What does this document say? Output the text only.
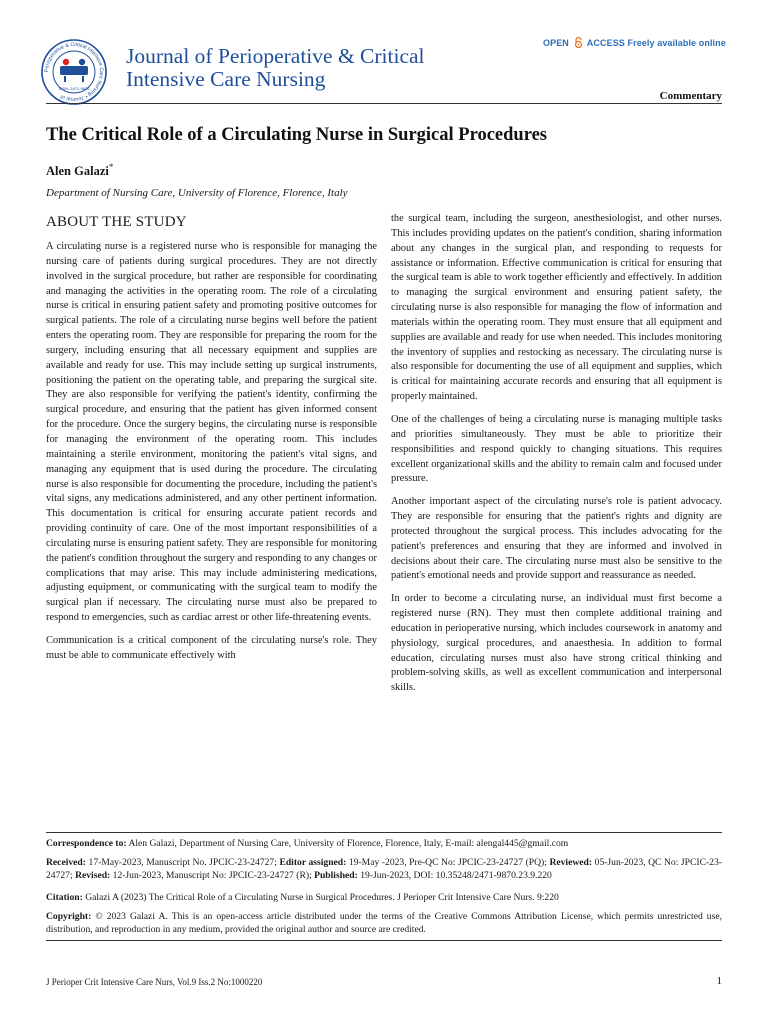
Perioperative & Critical Intensive Care Nursing • Journal of
ISSN: 2471-9870
Journal of Perioperative & Critical
Intensive Care Nursing
OPEN ACCESS Freely available online
Commentary
The Critical Role of a Circulating Nurse in Surgical Procedures
Alen Galazi*
Department of Nursing Care, University of Florence, Florence, Italy
ABOUT THE STUDY

A circulating nurse is a registered nurse who is responsible for managing the nursing care of patients during surgical procedures. They are not directly involved in the surgical procedure, but rather are responsible for coordinating and managing the activities in the operating room. The role of a circulating nurse is critical in ensuring patient safety and promoting positive outcomes for surgical patients. The role of a circulating nurse begins well before the patient enters the operating room. They are responsible for preparing the room for the surgery, including ensuring that all necessary equipment and supplies are available and ready for use. This may include setting up surgical instruments, positioning the patient on the operating table, and preparing the surgical site. They are also responsible for verifying the patient's identity, confirming the surgical procedure, and ensuring that the patient has given informed consent for the procedure. Once the surgery begins, the circulating nurse is responsible for managing the environment of the operating room. This includes maintaining a sterile environment, monitoring the patient's vital signs, and managing any equipment that is used during the procedure. The circulating nurse is also responsible for documenting the procedure, including the patient's vital signs, any medications administered, and any other pertinent information. This documentation is critical for ensuring accurate patient records and providing continuity of care. One of the most important responsibilities of a circulating nurse is ensuring patient safety. They are responsible for monitoring the patient's condition throughout the surgery and responding to any changes or complications that may arise. This may include administering medications, adjusting equipment, or communicating with the surgical team to modify the surgical plan if necessary. The circulating nurse must also be prepared to respond to emergencies, such as cardiac arrest or other life-threatening events.

Communication is a critical component of the circulating nurse's role. They must be able to communicate effectively with

the surgical team, including the surgeon, anesthesiologist, and other nurses. This includes providing updates on the patient's condition, sharing information about any changes in the surgical plan, and responding to requests for assistance or information. Effective communication is critical for ensuring that the surgical team is able to work together efficiently and effectively. In addition to managing the surgical environment and ensuring patient safety, the circulating nurse is also responsible for managing the flow of information and materials within the operating room. They must ensure that all equipment and supplies are available and ready for use when needed. This includes monitoring the inventory of supplies and restocking as necessary. The circulating nurse is also responsible for documenting the use of all equipment and supplies, which is critical for maintaining accurate records and ensuring that all equipment is properly maintained.

One of the challenges of being a circulating nurse is managing multiple tasks and priorities simultaneously. They must be able to prioritize their responsibilities and respond quickly to changing situations. This requires excellent organizational skills and the ability to remain calm and focused under pressure.

Another important aspect of the circulating nurse's role is patient advocacy. They are responsible for ensuring that the patient's rights and dignity are protected throughout the surgical process. This includes advocating for the patient's preferences and ensuring that they are informed and involved in decisions about their care. The circulating nurse must also be sensitive to the patient's emotional needs and provide support and reassurance as needed.

In order to become a circulating nurse, an individual must first become a registered nurse (RN). They must then complete additional training and education in perioperative nursing, which includes coursework in anatomy and physiology, surgical procedures, and anaesthesia. In addition to formal education, circulating nurses must also have strong critical thinking and problem-solving skills, as well as excellent communication and interpersonal skills.

Correspondence to: Alen Galazi, Department of Nursing Care, University of Florence, Florence, Italy, E-mail: alengal445@gmail.com
Received: 17-May-2023, Manuscript No. JPCIC-23-24727; Editor assigned: 19-May -2023, Pre-QC No: JPCIC-23-24727 (PQ); Reviewed: 05-Jun-2023, QC No: JPCIC-23-24727; Revised: 12-Jun-2023, Manuscript No: JPCIC-23-24727 (R); Published: 19-Jun-2023, DOI: 10.35248/2471-9870.23.9.220
Citation: Galazi A (2023) The Critical Role of a Circulating Nurse in Surgical Procedures. J Perioper Crit Intensive Care Nurs. 9:220
Copyright: © 2023 Galazi A. This is an open-access article distributed under the terms of the Creative Commons Attribution License, which permits unrestricted use, distribution, and reproduction in any medium, provided the original author and source are credited.
J Perioper Crit Intensive Care Nurs, Vol.9 Iss.2 No:1000220	1
